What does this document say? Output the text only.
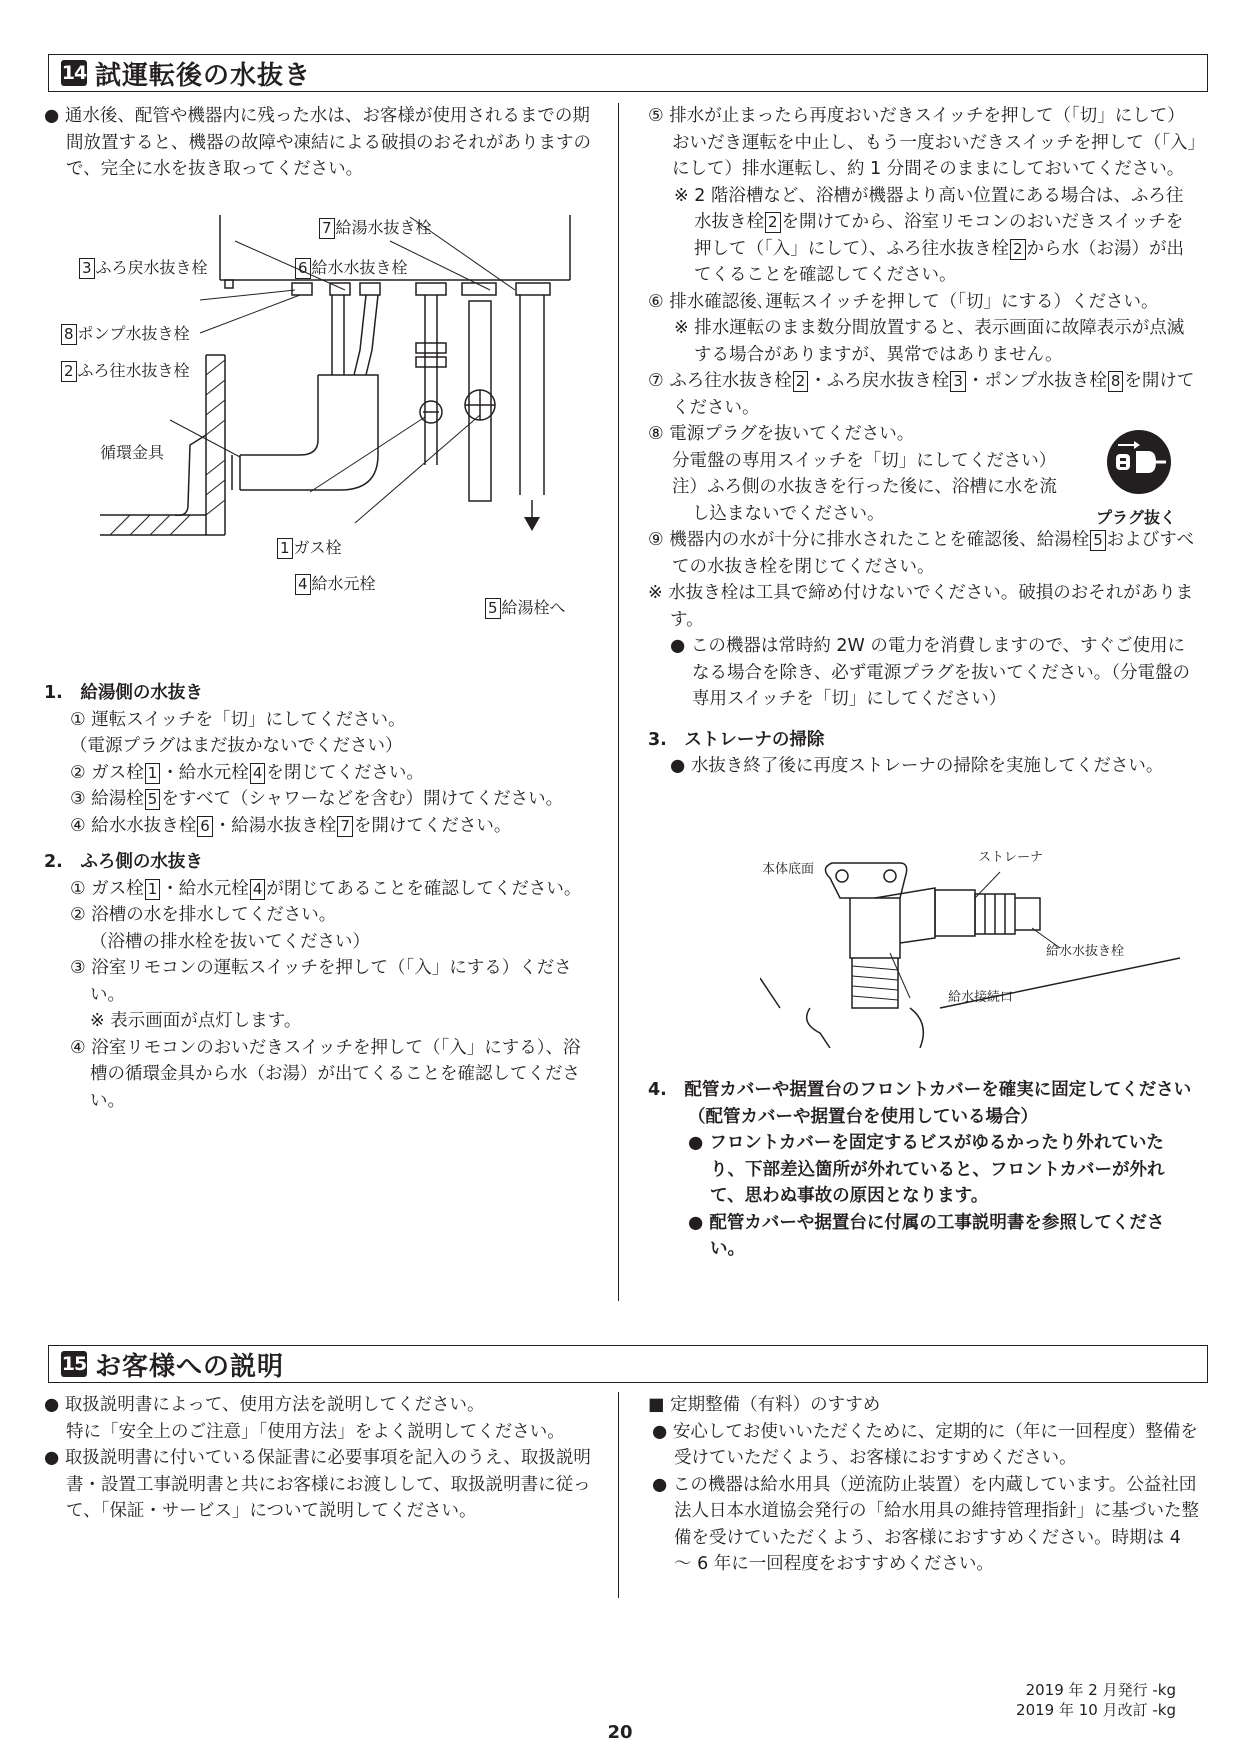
14 試運転後の水抜き

● 通水後、配管や機器内に残った水は、お客様が使用されるまでの期間放置すると、機器の故障や凍結による破損のおそれがありますので、完全に水を抜き取ってください。

7 給湯水抜き栓
3 ふろ戻水抜き栓	6 給水水抜き栓
8 ポンプ水抜き栓
2 ふろ往水抜き栓
循環金具
1 ガス栓
4 給水元栓
5 給湯栓へ

1.　給湯側の水抜き

① 運転スイッチを「切」にしてください。

（電源プラグはまだ抜かないでください）

② ガス栓 1 ・給水元栓 4 を閉じてください。

③ 給湯栓 5 をすべて（シャワーなどを含む）開けてください。

④ 給水水抜き栓 6 ・給湯水抜き栓 7 を開けてください。

2.　ふろ側の水抜き

① ガス栓 1 ・給水元栓 4 が閉じてあることを確認してください。

② 浴槽の水を排水してください。

（浴槽の排水栓を抜いてください）

③ 浴室リモコンの運転スイッチを押して（「入」にする）ください。

※ 表示画面が点灯します。

④ 浴室リモコンのおいだきスイッチを押して（「入」にする）、浴槽の循環金具から水（お湯）が出てくることを確認してください。

⑤ 排水が止まったら再度おいだきスイッチを押して（「切」にして）おいだき運転を中止し、もう一度おいだきスイッチを押して（「入」にして）排水運転し、約 1 分間そのままにしておいてください。

※ 2 階浴槽など、浴槽が機器より高い位置にある場合は、ふろ往水抜き栓 2 を開けてから、浴室リモコンのおいだきスイッチを押して（「入」にして）、ふろ往水抜き栓 2 から水（お湯）が出てくることを確認してください。

⑥ 排水確認後､運転スイッチを押して（「切」にする）ください。

※ 排水運転のまま数分間放置すると、表示画面に故障表示が点滅する場合がありますが、異常ではありません。

⑦ ふろ往水抜き栓 2 ・ふろ戻水抜き栓 3 ・ポンプ水抜き栓 8 を開けてください。

⑧ 電源プラグを抜いてください。

分電盤の専用スイッチを「切」にしてください）

注）ふろ側の水抜きを行った後に、浴槽に水を流し込まないでください。	プラグ抜く

⑨ 機器内の水が十分に排水されたことを確認後、給湯栓 5 およびすべての水抜き栓を閉じてください。

※ 水抜き栓は工具で締め付けないでください。破損のおそれがあります。

● この機器は常時約 2W の電力を消費しますので、すぐご使用になる場合を除き、必ず電源プラグを抜いてください。（分電盤の専用スイッチを「切」にしてください）

3.　ストレーナの掃除

● 水抜き終了後に再度ストレーナの掃除を実施してください。

本体底面
ストレーナ
給水水抜き栓
給水接続口

4.　配管カバーや据置台のフロントカバーを確実に固定してください（配管カバーや据置台を使用している場合）

● フロントカバーを固定するビスがゆるかったり外れていたり、下部差込箇所が外れていると、フロントカバーが外れて、思わぬ事故の原因となります。

● 配管カバーや据置台に付属の工事説明書を参照してください。

15 お客様への説明

● 取扱説明書によって、使用方法を説明してください。

特に「安全上のご注意」「使用方法」をよく説明してください。

● 取扱説明書に付いている保証書に必要事項を記入のうえ、取扱説明書・設置工事説明書と共にお客様にお渡しして、取扱説明書に従って、「保証・サービス」について説明してください。

■ 定期整備（有料）のすすめ

● 安心してお使いいただくために、定期的に（年に一回程度）整備を受けていただくよう、お客様におすすめください。

● この機器は給水用具（逆流防止装置）を内蔵しています。公益社団法人日本水道協会発行の「給水用具の維持管理指針」に基づいた整備を受けていただくよう、お客様におすすめください。時期は 4 ～ 6 年に一回程度をおすすめください。

2019 年 2 月発行 -kg
2019 年 10 月改訂 -kg
20
